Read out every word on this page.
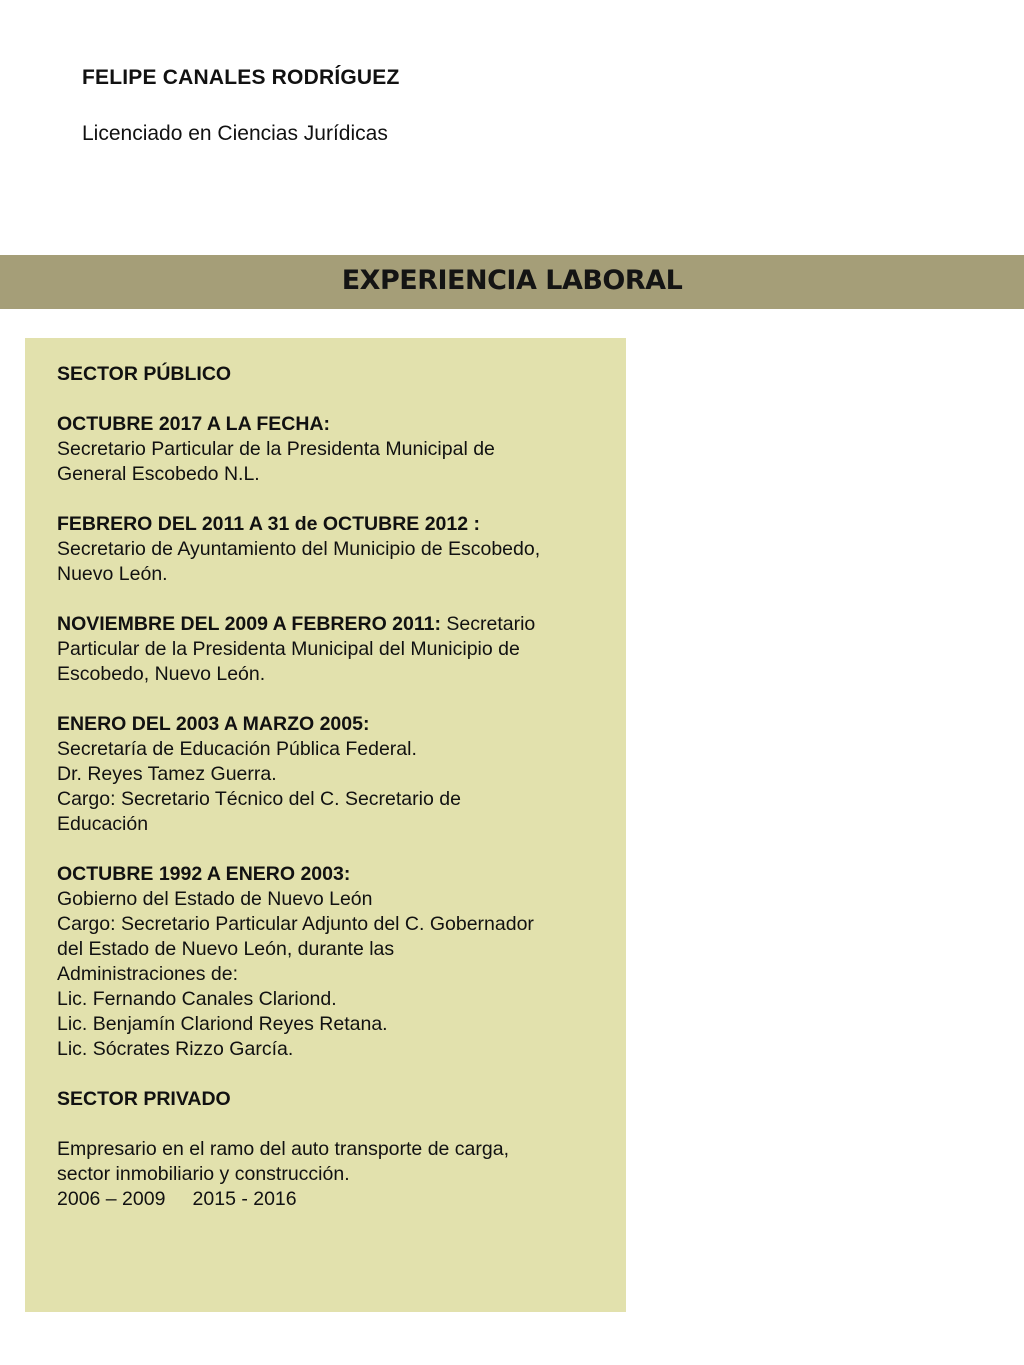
FELIPE CANALES RODRÍGUEZ

Licenciado en Ciencias Jurídicas

EXPERIENCIA LABORAL

SECTOR PÚBLICO
OCTUBRE 2017 A LA FECHA:
Secretario Particular de la Presidenta Municipal de
General Escobedo N.L.
FEBRERO DEL 2011 A 31 de OCTUBRE 2012 :
Secretario de Ayuntamiento del Municipio de Escobedo,
Nuevo León.
NOVIEMBRE DEL 2009 A FEBRERO 2011: Secretario
Particular de la Presidenta Municipal del Municipio de
Escobedo, Nuevo León.
ENERO DEL 2003 A MARZO 2005:
Secretaría de Educación Pública Federal.
Dr. Reyes Tamez Guerra.
Cargo: Secretario Técnico del C. Secretario de
Educación
OCTUBRE 1992 A ENERO 2003:
Gobierno del Estado de Nuevo León
Cargo: Secretario Particular Adjunto del C. Gobernador
del Estado de Nuevo León, durante las
Administraciones de:
Lic. Fernando Canales Clariond.
Lic. Benjamín Clariond Reyes Retana.
Lic. Sócrates Rizzo García.
SECTOR PRIVADO
Empresario en el ramo del auto transporte de carga,
sector inmobiliario y construcción.
2006 – 2009     2015 - 2016
